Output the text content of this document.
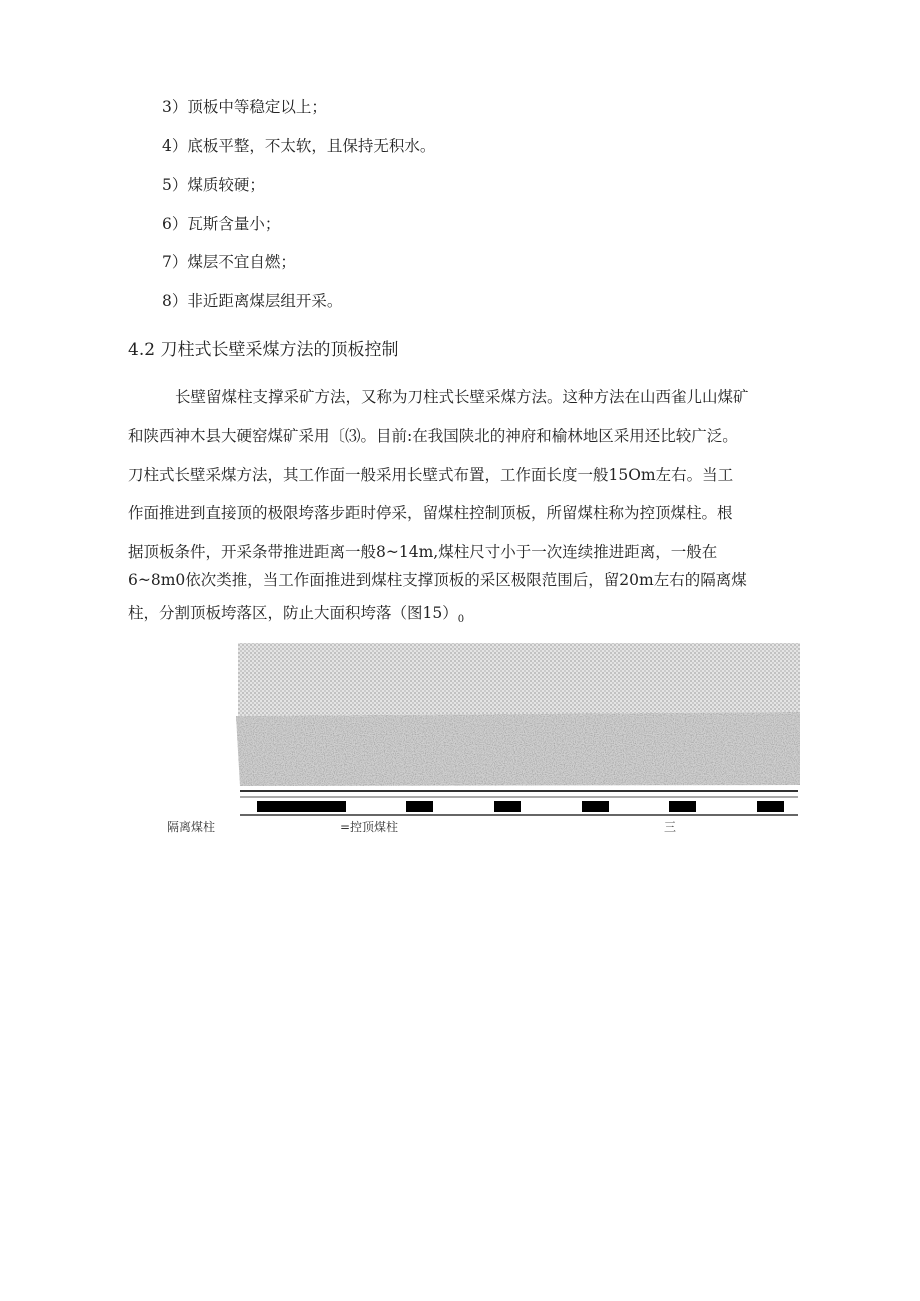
3）顶板中等稳定以上；
4）底板平整，不太软，且保持无积水。
5）煤质较硬；
6）瓦斯含量小；
7）煤层不宜自燃；
8）非近距离煤层组开采。
4.2 刀柱式长壁采煤方法的顶板控制
长壁留煤柱支撑采矿方法，又称为刀柱式长壁采煤方法。这种方法在山西雀儿山煤矿
和陕西神木县大硬窑煤矿采用〔⑶。目前:在我国陕北的神府和榆林地区采用还比较广泛。
刀柱式长壁采煤方法，其工作面一般采用长壁式布置，工作面长度一般15Om左右。当工
作面推进到直接顶的极限垮落步距时停采，留煤柱控制顶板，所留煤柱称为控顶煤柱。根
据顶板条件，开采条带推进距离一般8~14m,煤柱尺寸小于一次连续推进距离，一般在
6~8m0依次类推，当工作面推进到煤柱支撑顶板的采区极限范围后，留20m左右的隔离煤
柱，分割顶板垮落区，防止大面积垮落（图$15)_0$
隔离煤柱	=控顶煤柱	三
